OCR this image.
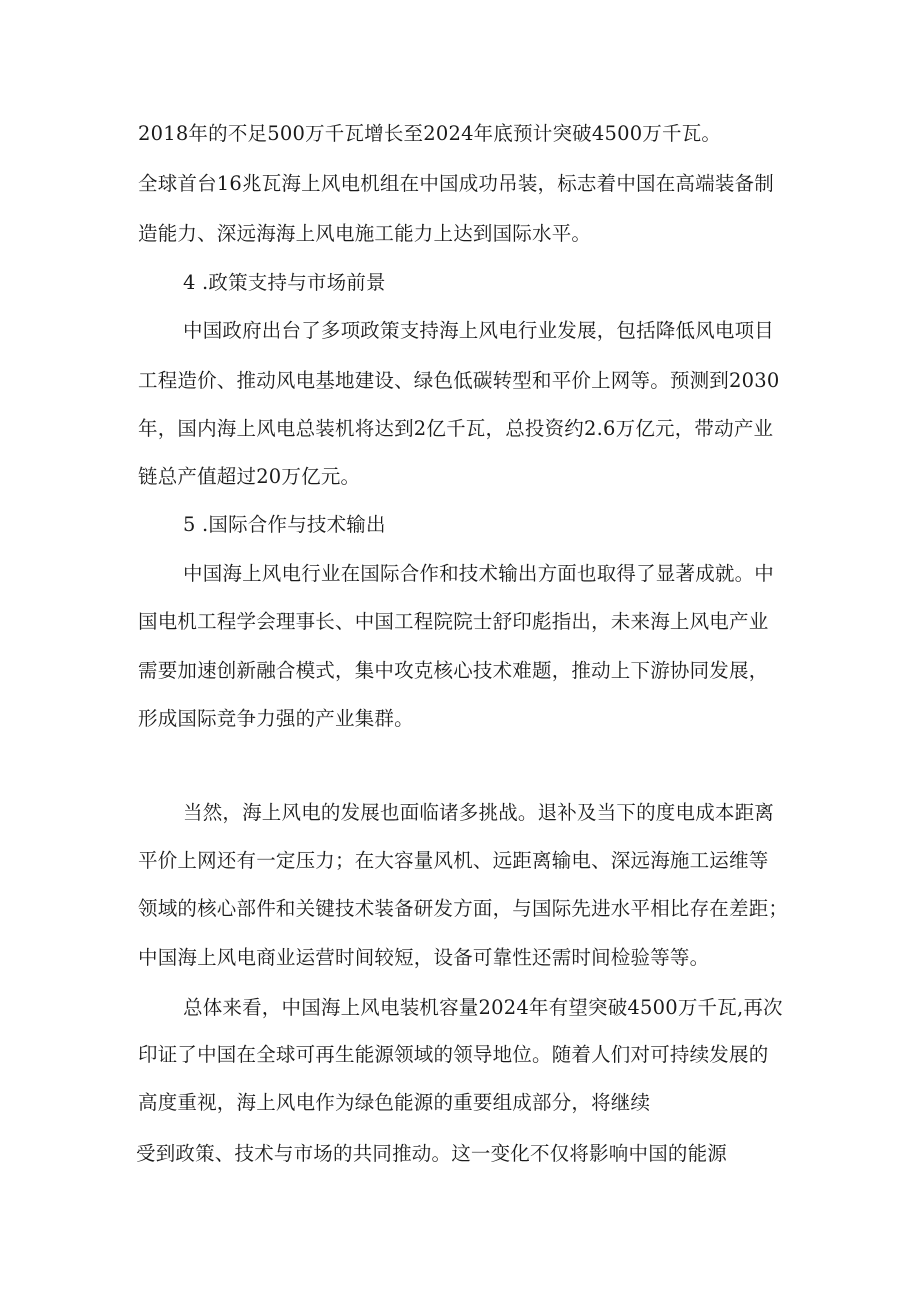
2018年的不足500万千瓦增长至2024年底预计突破4500万千瓦。
全球首台16兆瓦海上风电机组在中国成功吊装，标志着中国在高端装备制
造能力、深远海海上风电施工能力上达到国际水平。
4 .政策支持与市场前景
中国政府出台了多项政策支持海上风电行业发展，包括降低风电项目
工程造价、推动风电基地建设、绿色低碳转型和平价上网等。预测到2030
年，国内海上风电总装机将达到2亿千瓦，总投资约2.6万亿元，带动产业
链总产值超过20万亿元。
5 .国际合作与技术输出
中国海上风电行业在国际合作和技术输出方面也取得了显著成就。中
国电机工程学会理事长、中国工程院院士舒印彪指出，未来海上风电产业
需要加速创新融合模式，集中攻克核心技术难题，推动上下游协同发展，
形成国际竞争力强的产业集群。
当然，海上风电的发展也面临诸多挑战。退补及当下的度电成本距离
平价上网还有一定压力；在大容量风机、远距离输电、深远海施工运维等
领域的核心部件和关键技术装备研发方面，与国际先进水平相比存在差距；
中国海上风电商业运营时间较短，设备可靠性还需时间检验等等。
总体来看，中国海上风电装机容量2024年有望突破4500万千瓦,再次
印证了中国在全球可再生能源领域的领导地位。随着人们对可持续发展的
高度重视，海上风电作为绿色能源的重要组成部分，将继续
受到政策、技术与市场的共同推动。这一变化不仅将影响中国的能源
